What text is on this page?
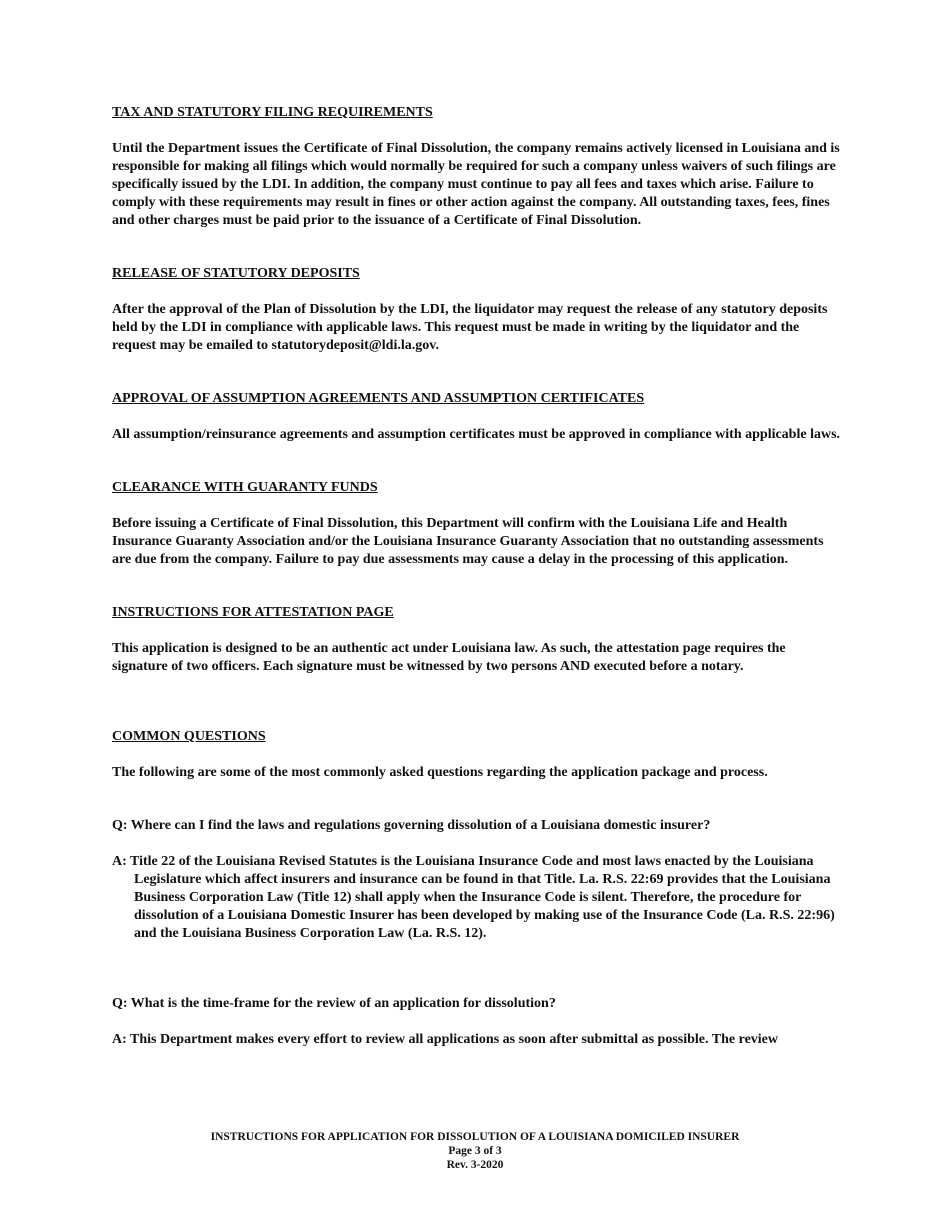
TAX AND STATUTORY FILING REQUIREMENTS

Until the Department issues the Certificate of Final Dissolution, the company remains actively licensed in Louisiana and is responsible for making all filings which would normally be required for such a company unless waivers of such filings are specifically issued by the LDI. In addition, the company must continue to pay all fees and taxes which arise. Failure to comply with these requirements may result in fines or other action against the company. All outstanding taxes, fees, fines and other charges must be paid prior to the issuance of a Certificate of Final Dissolution.

RELEASE OF STATUTORY DEPOSITS

After the approval of the Plan of Dissolution by the LDI, the liquidator may request the release of any statutory deposits held by the LDI in compliance with applicable laws. This request must be made in writing by the liquidator and the request may be emailed to statutorydeposit@ldi.la.gov.

APPROVAL OF ASSUMPTION AGREEMENTS AND ASSUMPTION CERTIFICATES

All assumption/reinsurance agreements and assumption certificates must be approved in compliance with applicable laws.

CLEARANCE WITH GUARANTY FUNDS

Before issuing a Certificate of Final Dissolution, this Department will confirm with the Louisiana Life and Health Insurance Guaranty Association and/or the Louisiana Insurance Guaranty Association that no outstanding assessments are due from the company. Failure to pay due assessments may cause a delay in the processing of this application.

INSTRUCTIONS FOR ATTESTATION PAGE

This application is designed to be an authentic act under Louisiana law. As such, the attestation page requires the signature of two officers. Each signature must be witnessed by two persons AND executed before a notary.

COMMON QUESTIONS

The following are some of the most commonly asked questions regarding the application package and process.

Q: Where can I find the laws and regulations governing dissolution of a Louisiana domestic insurer?

A: Title 22 of the Louisiana Revised Statutes is the Louisiana Insurance Code and most laws enacted by the Louisiana Legislature which affect insurers and insurance can be found in that Title. La. R.S. 22:69 provides that the Louisiana Business Corporation Law (Title 12) shall apply when the Insurance Code is silent. Therefore, the procedure for dissolution of a Louisiana Domestic Insurer has been developed by making use of the Insurance Code (La. R.S. 22:96) and the Louisiana Business Corporation Law (La. R.S. 12).

Q: What is the time-frame for the review of an application for dissolution?

A: This Department makes every effort to review all applications as soon after submittal as possible. The review

INSTRUCTIONS FOR APPLICATION FOR DISSOLUTION OF A LOUISIANA DOMICILED INSURER
Page 3 of 3
Rev. 3-2020
